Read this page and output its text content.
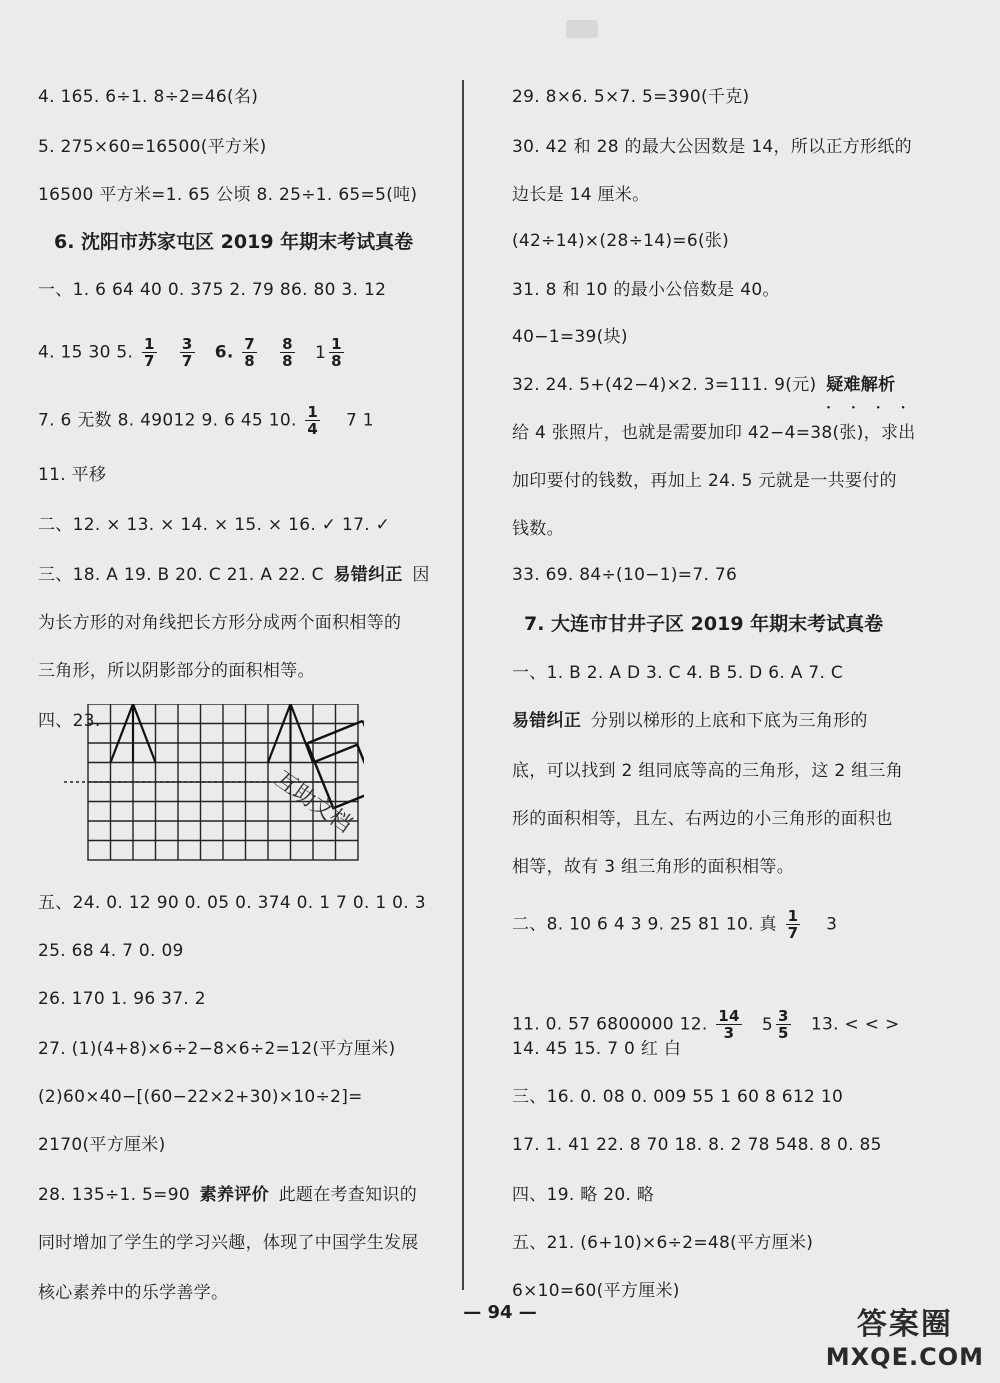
4. 165. 6÷1. 8÷2=46(名)
5. 275×60=16500(平方米)
16500 平方米=1. 65 公顷 8. 25÷1. 65=5(吨)
6. 沈阳市苏家屯区 2019 年期末考试真卷
一、1. 6 64 40 0. 375 2. 79 86. 80 3. 12
4. 15 30 5. $\frac{1}{7}$
$\frac{3}{7} 6$. $\frac{7}{8}$
$\frac{8}{8}$
$1 \frac{1}{8}$
7. 6 无数 8. 49012 9. 6 45 10. $\frac{1}{4} 7$ 1
11. 平移
二、12. × 13. × 14. × 15. × 16. ✓ 17. ✓
三、18. A 19. B 20. C 21. A 22. C 易错纠正 因
为长方形的对角线把长方形分成两个面积相等的
三角形，所以阴影部分的面积相等。
四、23.
五、24. 0. 12 90 0. 05 0. 374 0. 1 7 0. 1 0. 3
25. 68 4. 7 0. 09
26. 170 1. 96 37. 2
27. (1)(4+8)×6÷2−8×6÷2=12(平方厘米)
(2)60×40−[(60−22×2+30)×10÷2]=
2170(平方厘米)
28. 135÷1. 5=90 素养评价 此题在考查知识的
同时增加了学生的学习兴趣，体现了中国学生发展
核心素养中的乐学善学。
互助文档
29. 8×6. 5×7. 5=390(千克)
30. 42 和 28 的最大公因数是 14，所以正方形纸的
边长是 14 厘米。
(42÷14)×(28÷14)=6(张)
31. 8 和 10 的最小公倍数是 40。
40−1=39(块)
32. 24. 5+(42−4)×2. 3=111. 9(元) 疑难解析 • • • •
给 4 张照片，也就是需要加印 42−4=38(张)，求出
加印要付的钱数，再加上 24. 5 元就是一共要付的
钱数。
33. 69. 84÷(10−1)=7. 76
7. 大连市甘井子区 2019 年期末考试真卷
一、1. B 2. A D 3. C 4. B 5. D 6. A 7. C
易错纠正 分别以梯形的上底和下底为三角形的
底，可以找到 2 组同底等高的三角形，这 2 组三角
形的面积相等，且左、右两边的小三角形的面积也
相等，故有 3 组三角形的面积相等。
二、8. 10 6 4 3 9. 25 81 10. 真 $\frac{1}{7} 3$
11. 0. 57 6800000 12. $\frac{14}{3}$
$5 \frac{3}{5} 13$. < < >
14. 45 15. 7 0 红 白
三、16. 0. 08 0. 009 55 1 60 8 612 10
17. 1. 41 22. 8 70 18. 8. 2 78 548. 8 0. 85
四、19. 略 20. 略
五、21. (6+10)×6÷2=48(平方厘米)
6×10=60(平方厘米)
— 94 —	答案圈
MXQE.COM
